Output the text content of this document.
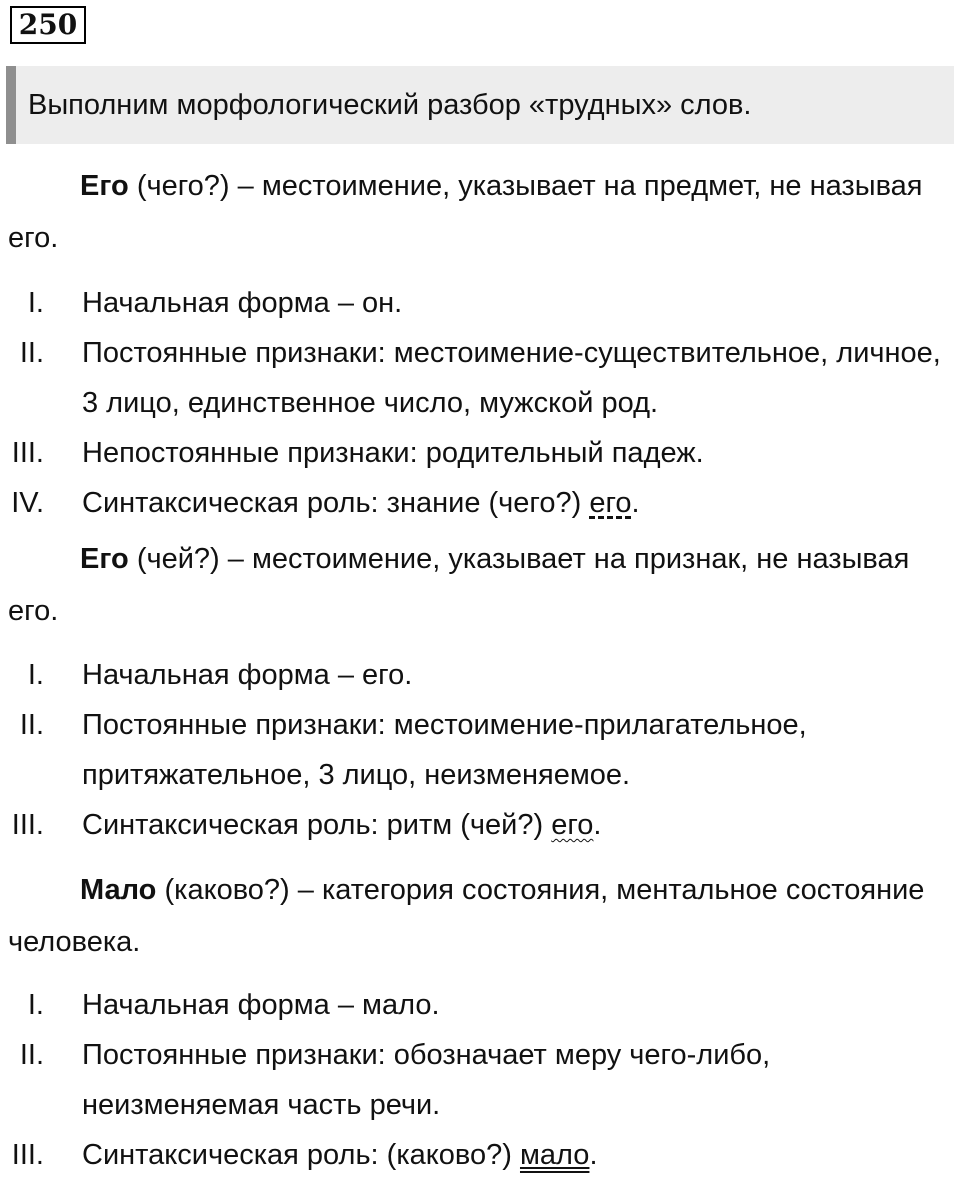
250
Выполним морфологический разбор «трудных» слов.

Его (чего?) – местоимение, указывает на предмет, не называя его.

I. Начальная форма – он.
II. Постоянные признаки: местоимение-существительное, личное, 3 лицо, единственное число, мужской род.
III. Непостоянные признаки: родительный падеж.
IV. Синтаксическая роль: знание (чего?) его.

Его (чей?) – местоимение, указывает на признак, не называя его.

I. Начальная форма – его.
II. Постоянные признаки: местоимение-прилагательное, притяжательное, 3 лицо, неизменяемое.
III. Синтаксическая роль: ритм (чей?) его.

Мало (каково?) – категория состояния, ментальное состояние человека.

I. Начальная форма – мало.
II. Постоянные признаки: обозначает меру чего-либо, неизменяемая часть речи.
III. Синтаксическая роль: (каково?) мало.
